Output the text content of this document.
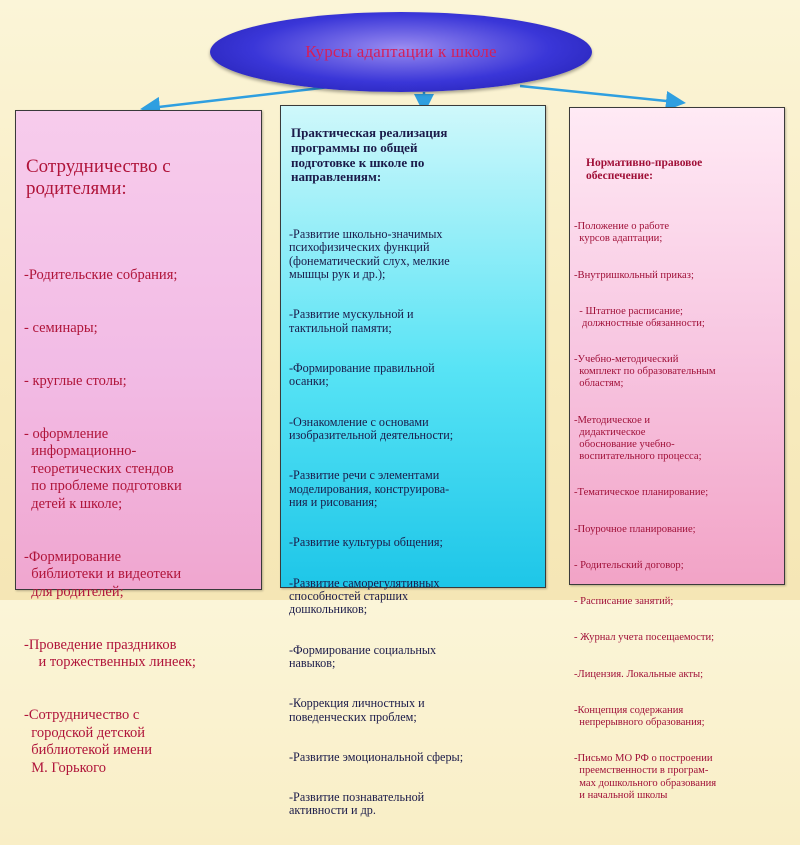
Курсы адаптации к школе
Сотрудничество с
родителями:

-Родительские собрания;

- семинары;

- круглые столы;

- оформление
информационно-
теоретических стендов
по проблеме подготовки
детей к школе;

-Формирование
библиотеки и видеотеки
для родителей;

-Проведение праздников
и торжественных линеек;

-Сотрудничество с
городской детской
библиотекой имени
М. Горького

Практическая реализация
программы по общей
подготовке к школе по
направлениям:

-Развитие школьно-значимых
психофизических функций
(фонематический слух, мелкие
мышцы рук и др.);

-Развитие мускульной и
тактильной памяти;

-Формирование правильной
осанки;

-Ознакомление с основами
изобразительной деятельности;

-Развитие речи с элементами
моделирования, конструирова-
ния и рисования;

-Развитие культуры общения;

-Развитие саморегулятивных
способностей старших
дошкольников;

-Формирование социальных
навыков;

-Коррекция личностных и
поведенческих проблем;

-Развитие эмоциональной сферы;

-Развитие познавательной
активности и др.

Нормативно-правовое
обеспечение:

-Положение о работе
курсов адаптации;

-Внутришкольный приказ;

- Штатное расписание;
должностные обязанности;

-Учебно-методический
комплект по образовательным
областям;

-Методическое и
дидактическое
обоснование учебно-
воспитательного процесса;

-Тематическое планирование;

-Поурочное планирование;

- Родительский договор;

- Расписание занятий;

- Журнал учета посещаемости;

-Лицензия. Локальные акты;

-Концепция содержания
непрерывного образования;

-Письмо МО РФ о построении
преемственности в програм-
мах дошкольного образования
и начальной школы
